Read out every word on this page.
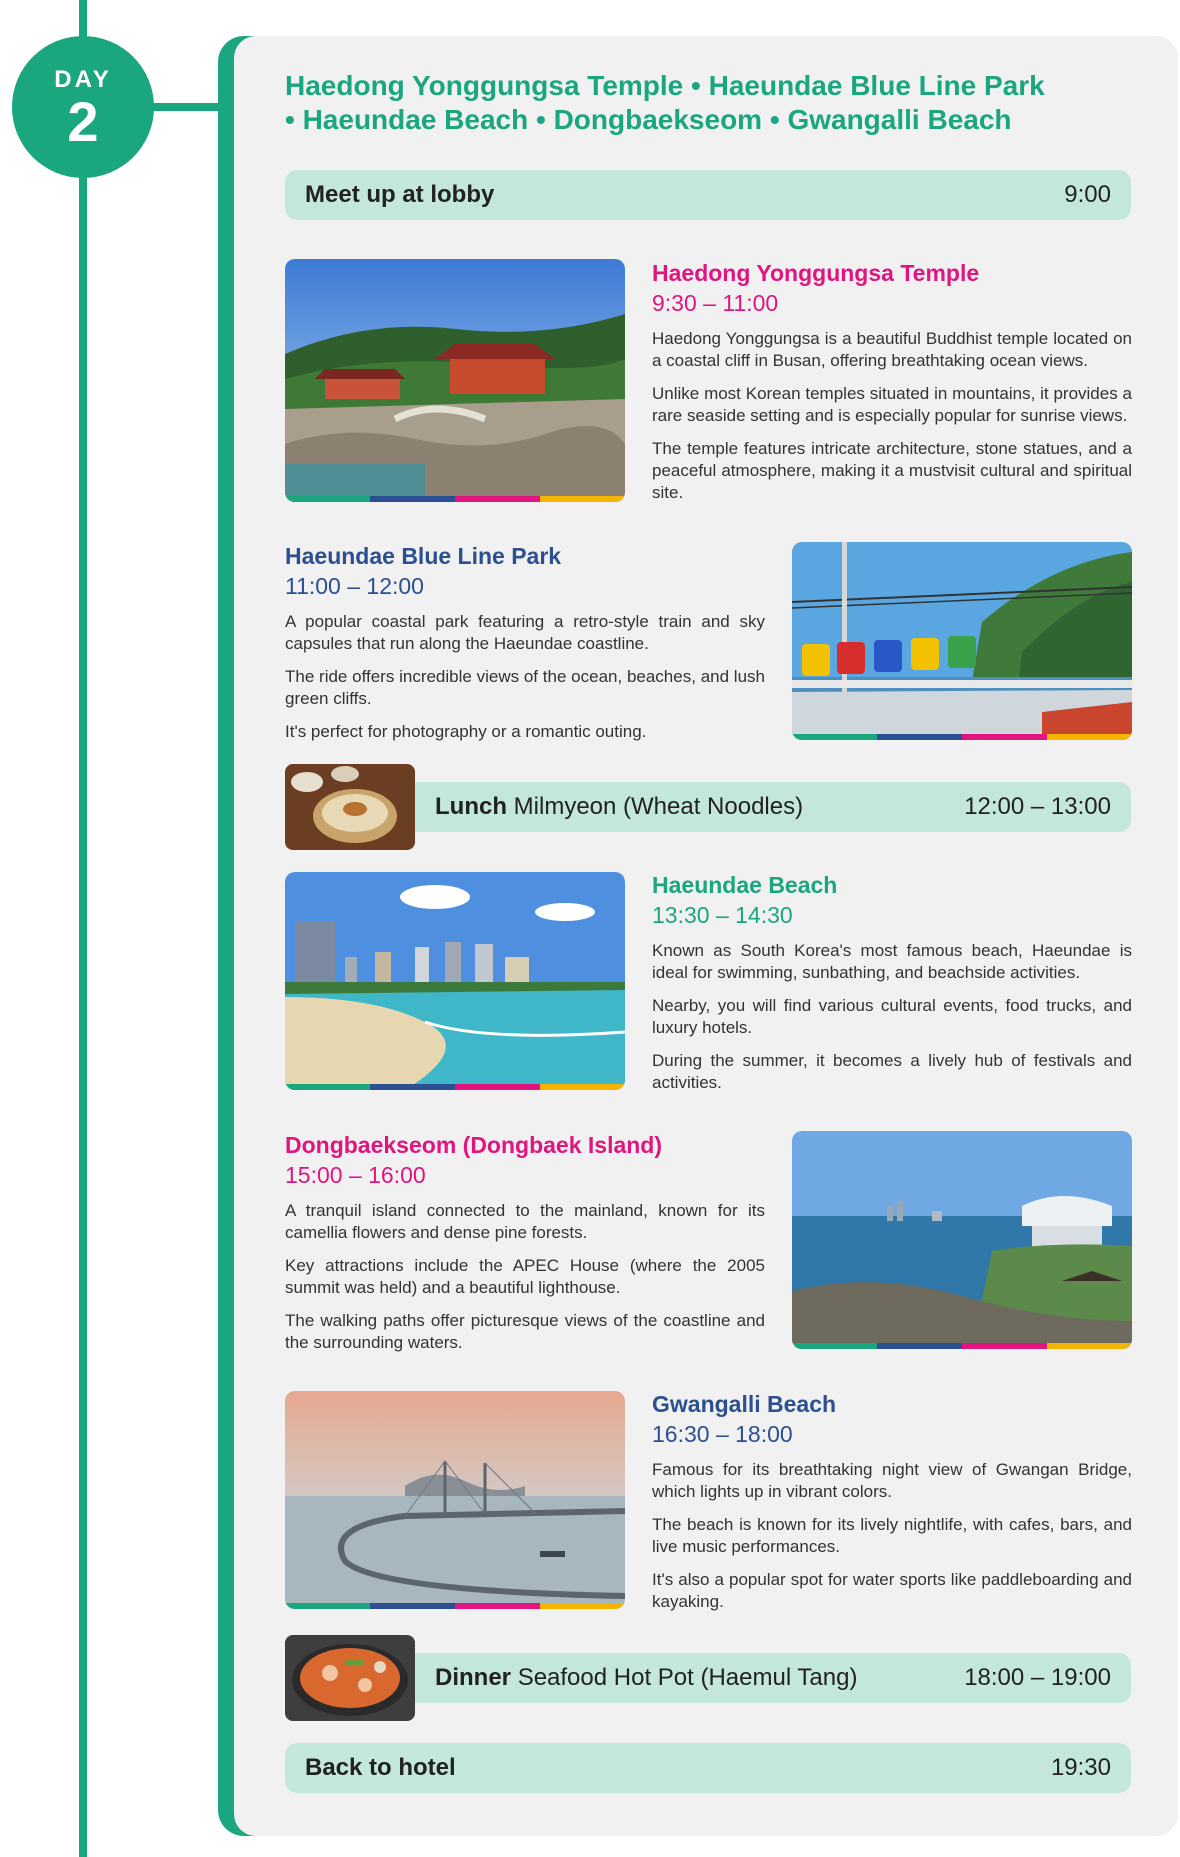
DAY
2
Haedong Yonggungsa Temple • Haeundae Blue Line Park
• Haeundae Beach • Dongbaekseom • Gwangalli Beach
Meet up at lobby	9:00
Haedong Yonggungsa Temple
9:30 – 11:00

Haedong Yonggungsa is a beautiful Buddhist temple located on a coastal cliff in Busan, offering breathtaking ocean views.

Unlike most Korean temples situated in mountains, it provides a rare seaside setting and is especially popular for sunrise views.

The temple features intricate architecture, stone statues, and a peaceful atmosphere, making it a mustvisit cultural and spiritual site.

Haeundae Blue Line Park
11:00 – 12:00

A popular coastal park featuring a retro-style train and sky capsules that run along the Haeundae coastline.

The ride offers incredible views of the ocean, beaches, and lush green cliffs.

It's perfect for photography or a romantic outing.

Lunch Milmyeon (Wheat Noodles)	12:00 – 13:00
Haeundae Beach
13:30 – 14:30

Known as South Korea's most famous beach, Haeundae is ideal for swimming, sunbathing, and beachside activities.

Nearby, you will find various cultural events, food trucks, and luxury hotels.

During the summer, it becomes a lively hub of festivals and activities.

Dongbaekseom (Dongbaek Island)
15:00 – 16:00

A tranquil island connected to the mainland, known for its camellia flowers and dense pine forests.

Key attractions include the APEC House (where the 2005 summit was held) and a beautiful lighthouse.

The walking paths offer picturesque views of the coastline and the surrounding waters.

Gwangalli Beach
16:30 – 18:00

Famous for its breathtaking night view of Gwangan Bridge, which lights up in vibrant colors.

The beach is known for its lively nightlife, with cafes, bars, and live music performances.

It's also a popular spot for water sports like paddleboarding and kayaking.

Dinner Seafood Hot Pot (Haemul Tang)	18:00 – 19:00
Back to hotel	19:30
